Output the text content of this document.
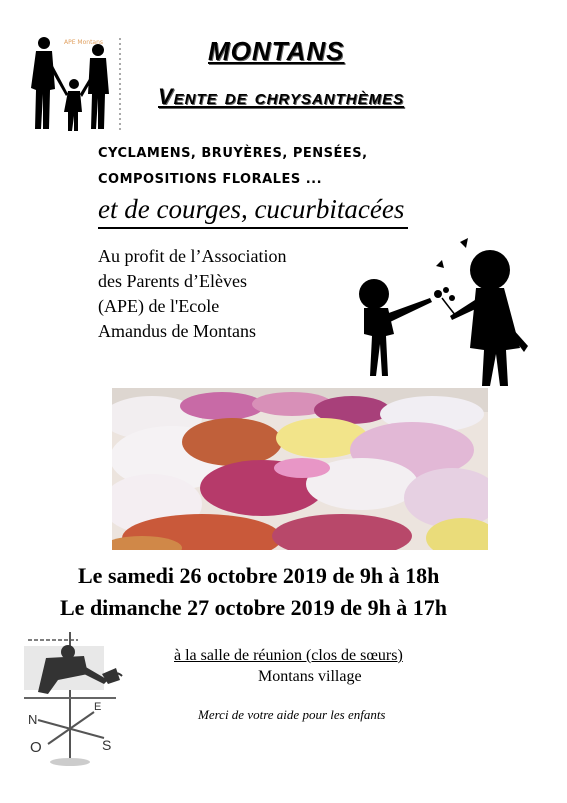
APE Montans	MONTANS
Vente de chrysanthèmes
CYCLAMENS, BRUYÈRES, PENSÉES,
COMPOSITIONS FLORALES ...
et de courges, cucurbitacées
Au profit de l’Association
des Parents d’Elèves
(APE) de l'Ecole
Amandus de Montans
Le samedi 26 octobre 2019 de 9h à 18h
Le dimanche 27 octobre 2019 de 9h à 17h
N
E
O	S
à la salle de réunion (clos de sœurs)
Montans village
Merci de votre aide pour les enfants
